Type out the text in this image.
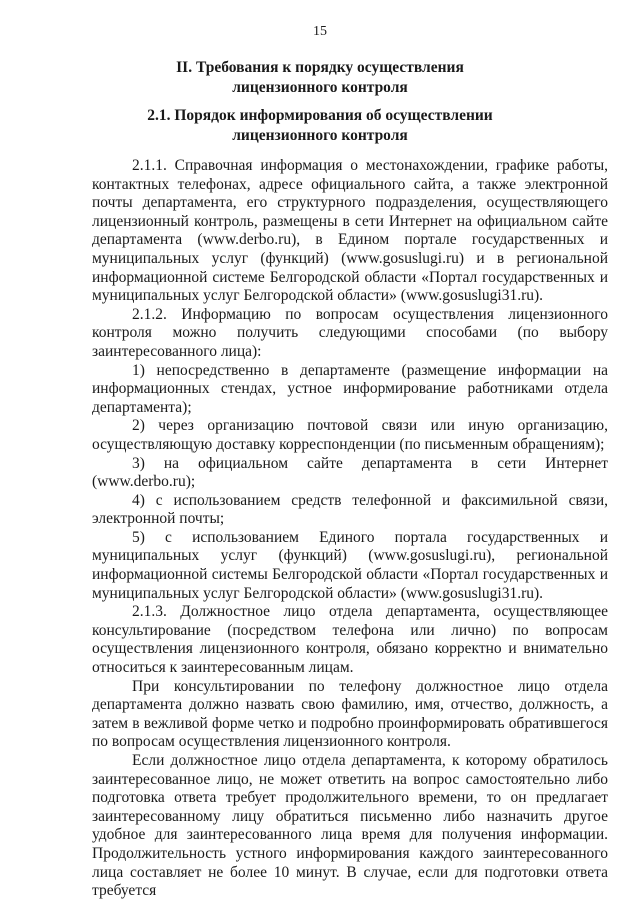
15
II. Требования к порядку осуществления
лицензионного контроля
2.1. Порядок информирования об осуществлении
лицензионного контроля

2.1.1. Справочная информация о местонахождении, графике работы, контактных телефонах, адресе официального сайта, а также электронной почты департамента, его структурного подразделения, осуществляющего лицензионный контроль, размещены в сети Интернет на официальном сайте департамента (www.derbo.ru), в Едином портале государственных и муниципальных услуг (функций) (www.gosuslugi.ru) и в региональной информационной системе Белгородской области «Портал государственных и муниципальных услуг Белгородской области» (www.gosuslugi31.ru).

2.1.2. Информацию по вопросам осуществления лицензионного контроля можно получить следующими способами (по выбору заинтересованного лица):

1) непосредственно в департаменте (размещение информации на информационных стендах, устное информирование работниками отдела департамента);

2) через организацию почтовой связи или иную организацию, осуществляющую доставку корреспонденции (по письменным обращениям);

3) на официальном сайте департамента в сети Интернет (www.derbo.ru);

4) с использованием средств телефонной и факсимильной связи, электронной почты;

5) с использованием Единого портала государственных и муниципальных услуг (функций) (www.gosuslugi.ru), региональной информационной системы Белгородской области «Портал государственных и муниципальных услуг Белгородской области» (www.gosuslugi31.ru).

2.1.3. Должностное лицо отдела департамента, осуществляющее консультирование (посредством телефона или лично) по вопросам осуществления лицензионного контроля, обязано корректно и внимательно относиться к заинтересованным лицам.

При консультировании по телефону должностное лицо отдела департамента должно назвать свою фамилию, имя, отчество, должность, а затем в вежливой форме четко и подробно проинформировать обратившегося по вопросам осуществления лицензионного контроля.

Если должностное лицо отдела департамента, к которому обратилось заинтересованное лицо, не может ответить на вопрос самостоятельно либо подготовка ответа требует продолжительного времени, то он предлагает заинтересованному лицу обратиться письменно либо назначить другое удобное для заинтересованного лица время для получения информации. Продолжительность устного информирования каждого заинтересованного лица составляет не более 10 минут. В случае, если для подготовки ответа требуется
